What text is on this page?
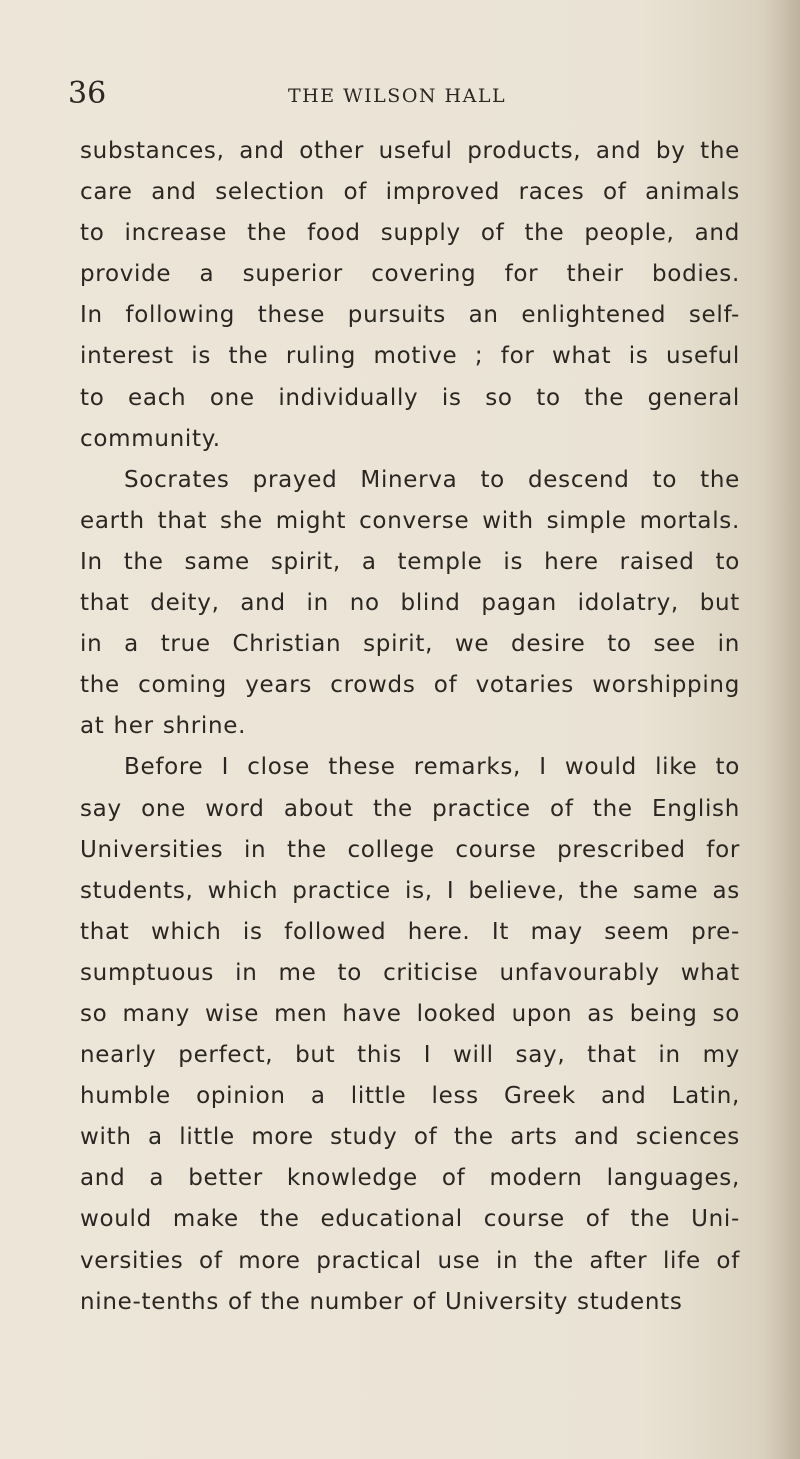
36	THE WILSON HALL
substances, and other useful products, and by the
care and selection of improved races of animals
to increase the food supply of the people, and
provide a superior covering for their bodies.
In following these pursuits an enlightened self-
interest is the ruling motive ; for what is useful
to each one individually is so to the general
community.
Socrates prayed Minerva to descend to the
earth that she might converse with simple mortals.
In the same spirit, a temple is here raised to
that deity, and in no blind pagan idolatry, but
in a true Christian spirit, we desire to see in
the coming years crowds of votaries worshipping
at her shrine.
Before I close these remarks, I would like to
say one word about the practice of the English
Universities in the college course prescribed for
students, which practice is, I believe, the same as
that which is followed here. It may seem pre-
sumptuous in me to criticise unfavourably what
so many wise men have looked upon as being so
nearly perfect, but this I will say, that in my
humble opinion a little less Greek and Latin,
with a little more study of the arts and sciences
and a better knowledge of modern languages,
would make the educational course of the Uni-
versities of more practical use in the after life of
nine-tenths of the number of University students
